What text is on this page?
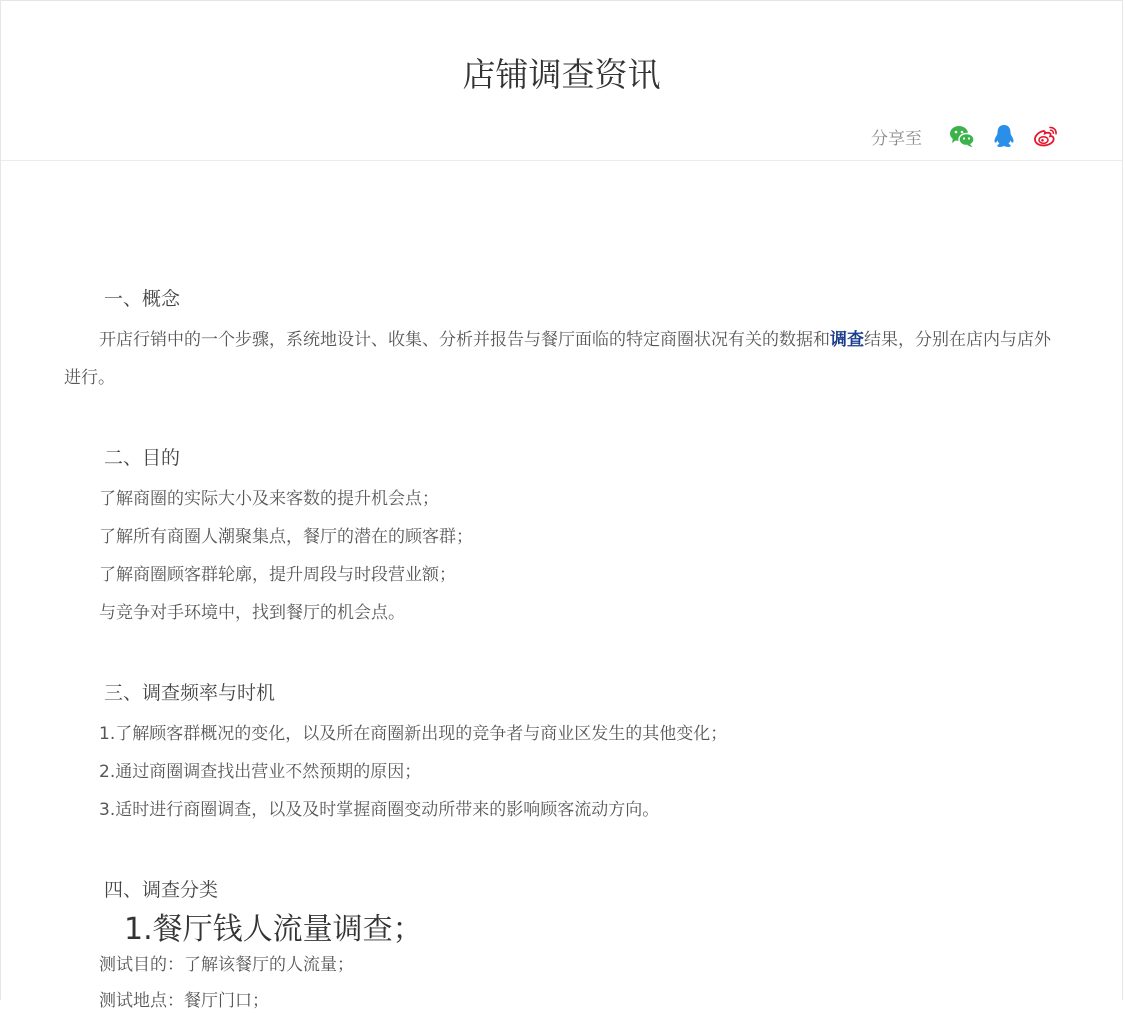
店铺调查资讯
分享至
一、概念
开店行销中的一个步骤，系统地设计、收集、分析并报告与餐厅面临的特定商圈状况有关的数据和调查结果，分别在店内与店外进行。
二、目的
了解商圈的实际大小及来客数的提升机会点；
了解所有商圈人潮聚集点，餐厅的潜在的顾客群；
了解商圈顾客群轮廓，提升周段与时段营业额；
与竞争对手环境中，找到餐厅的机会点。
三、调查频率与时机
1.了解顾客群概况的变化，以及所在商圈新出现的竞争者与商业区发生的其他变化；
2.通过商圈调查找出营业不然预期的原因；
3.适时进行商圈调查，以及及时掌握商圈变动所带来的影响顾客流动方向。
四、调查分类
1.餐厅钱人流量调查；
测试目的：了解该餐厅的人流量；
测试地点：餐厅门口；
